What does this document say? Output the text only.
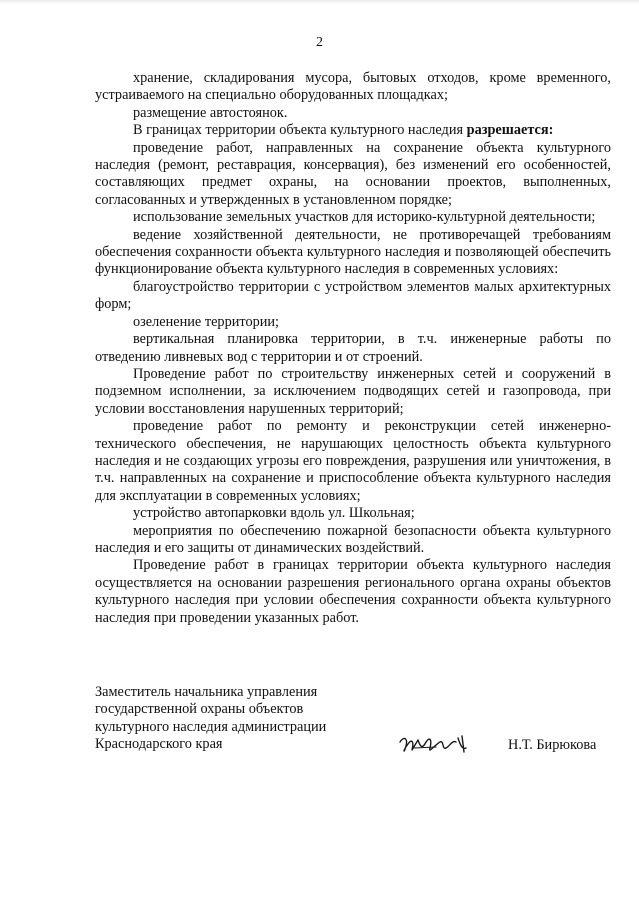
2

хранение, складирования мусора, бытовых отходов, кроме временного, устраиваемого на специально оборудованных площадках;

размещение автостоянок.

В границах территории объекта культурного наследия разрешается:

проведение работ, направленных на сохранение объекта культурного наследия (ремонт, реставрация, консервация), без изменений его особенностей, составляющих предмет охраны, на основании проектов, выполненных, согласованных и утвержденных в установленном порядке;

использование земельных участков для историко-культурной деятельности;

ведение хозяйственной деятельности, не противоречащей требованиям обеспечения сохранности объекта культурного наследия и позволяющей обеспечить функционирование объекта культурного наследия в современных условиях:

благоустройство территории с устройством элементов малых архитектурных форм;

озеленение территории;

вертикальная планировка территории, в т.ч. инженерные работы по отведению ливневых вод с территории и от строений.

Проведение работ по строительству инженерных сетей и сооружений в подземном исполнении, за исключением подводящих сетей и газопровода, при условии восстановления нарушенных территорий;

проведение работ по ремонту и реконструкции сетей инженерно-технического обеспечения, не нарушающих целостность объекта культурного наследия и не создающих угрозы его повреждения, разрушения или уничтожения, в т.ч. направленных на сохранение и приспособление объекта культурного наследия для эксплуатации в современных условиях;

устройство автопарковки вдоль ул. Школьная;

мероприятия по обеспечению пожарной безопасности объекта культурного наследия и его защиты от динамических воздействий.

Проведение работ в границах территории объекта культурного наследия осуществляется на основании разрешения регионального органа охраны объектов культурного наследия при условии обеспечения сохранности объекта культурного наследия при проведении указанных работ.

Заместитель начальника управления
государственной охраны объектов
культурного наследия администрации
Краснодарского края	Н.Т. Бирюкова
